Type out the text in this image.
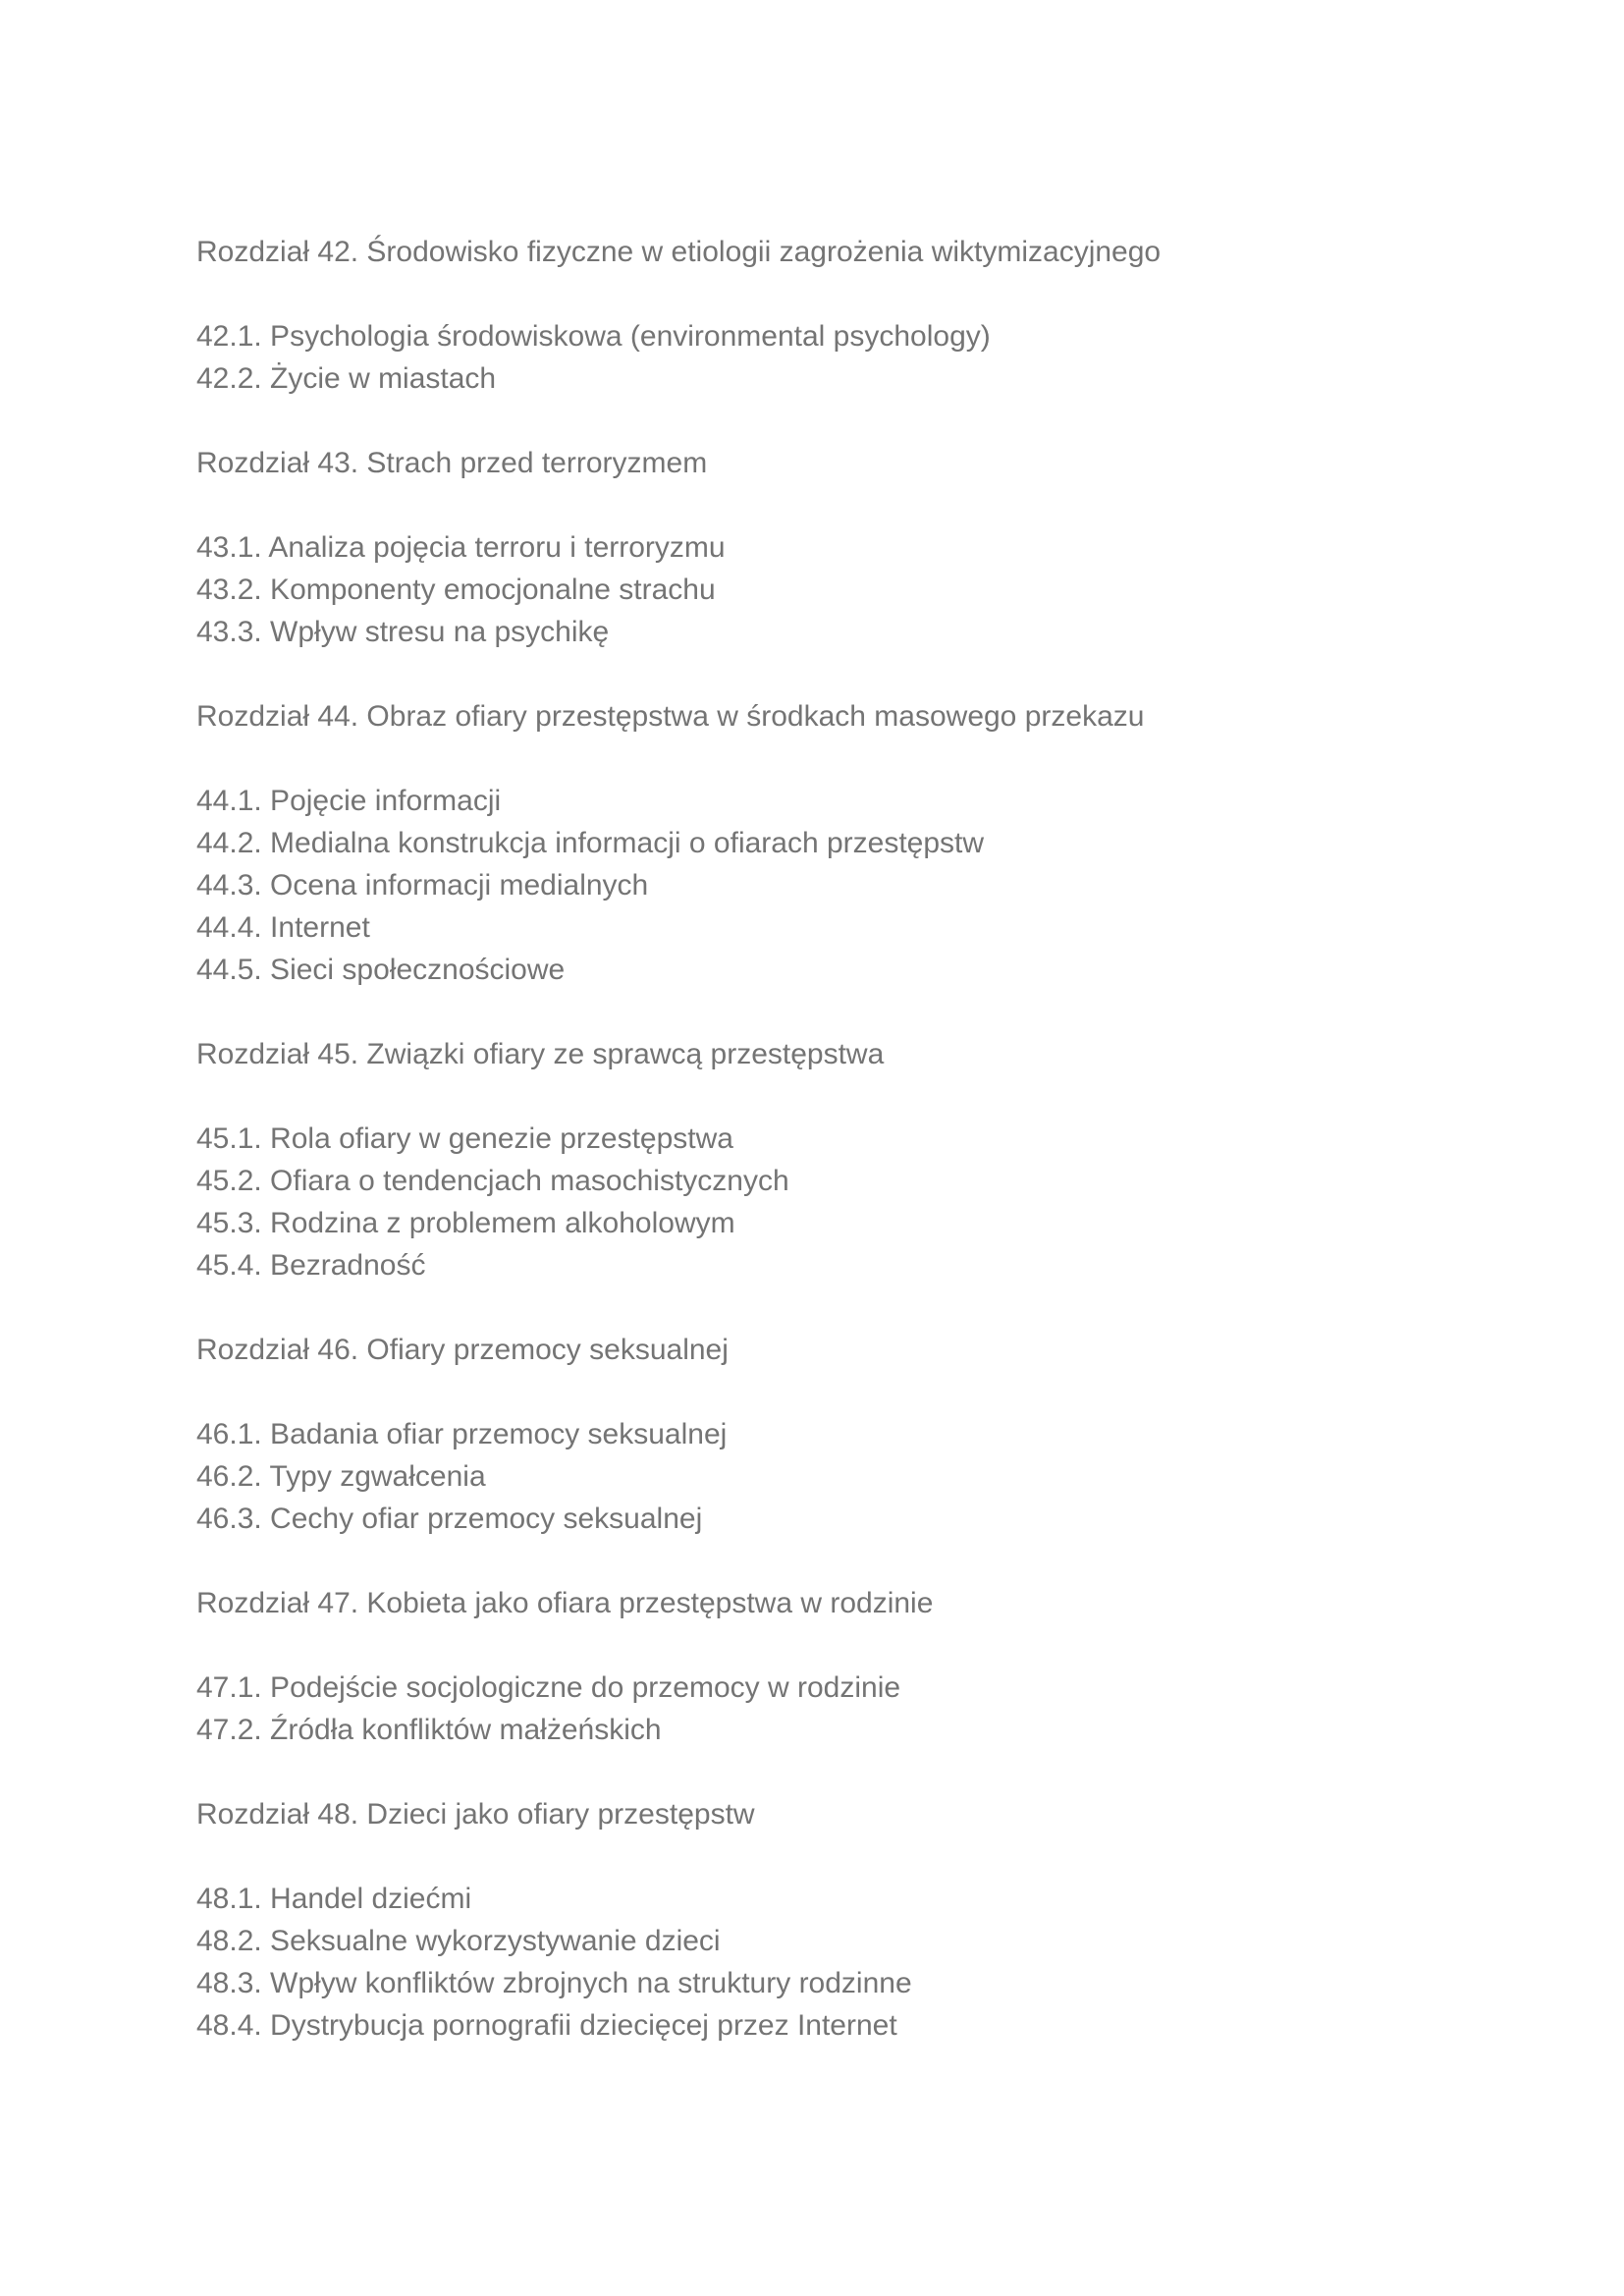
Rozdział 42. Środowisko fizyczne w etiologii zagrożenia wiktymizacyjnego

42.1. Psychologia środowiskowa (environmental psychology)

42.2. Życie w miastach

Rozdział 43. Strach przed terroryzmem

43.1. Analiza pojęcia terroru i terroryzmu

43.2. Komponenty emocjonalne strachu

43.3. Wpływ stresu na psychikę

Rozdział 44. Obraz ofiary przestępstwa w środkach masowego przekazu

44.1. Pojęcie informacji

44.2. Medialna konstrukcja informacji o ofiarach przestępstw

44.3. Ocena informacji medialnych

44.4. Internet

44.5. Sieci społecznościowe

Rozdział 45. Związki ofiary ze sprawcą przestępstwa

45.1. Rola ofiary w genezie przestępstwa

45.2. Ofiara o tendencjach masochistycznych

45.3. Rodzina z problemem alkoholowym

45.4. Bezradność

Rozdział 46. Ofiary przemocy seksualnej

46.1. Badania ofiar przemocy seksualnej

46.2. Typy zgwałcenia

46.3. Cechy ofiar przemocy seksualnej

Rozdział 47. Kobieta jako ofiara przestępstwa w rodzinie

47.1. Podejście socjologiczne do przemocy w rodzinie

47.2. Źródła konfliktów małżeńskich

Rozdział 48. Dzieci jako ofiary przestępstw

48.1. Handel dziećmi

48.2. Seksualne wykorzystywanie dzieci

48.3. Wpływ konfliktów zbrojnych na struktury rodzinne

48.4. Dystrybucja pornografii dziecięcej przez Internet
